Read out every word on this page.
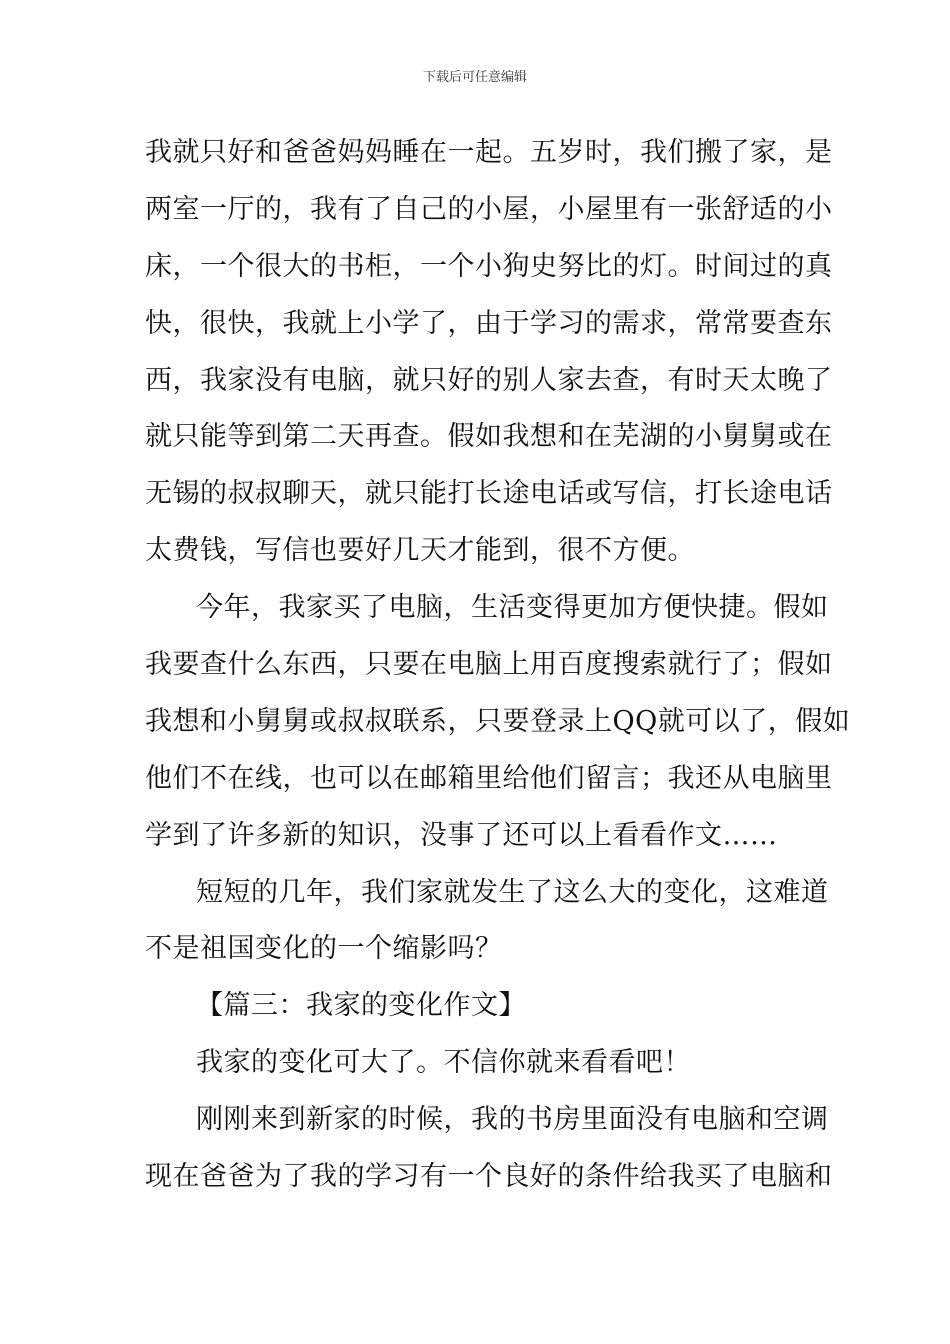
下载后可任意编辑
我就只好和爸爸妈妈睡在一起。五岁时，我们搬了家，是
两室一厅的，我有了自己的小屋，小屋里有一张舒适的小
床，一个很大的书柜，一个小狗史努比的灯。时间过的真
快，很快，我就上小学了，由于学习的需求，常常要查东
西，我家没有电脑，就只好的别人家去查，有时天太晚了
就只能等到第二天再查。假如我想和在芜湖的小舅舅或在
无锡的叔叔聊天，就只能打长途电话或写信，打长途电话
太费钱，写信也要好几天才能到，很不方便。
今年，我家买了电脑，生活变得更加方便快捷。假如
我要查什么东西，只要在电脑上用百度搜索就行了；假如
我想和小舅舅或叔叔联系，只要登录上QQ就可以了，假如
他们不在线，也可以在邮箱里给他们留言；我还从电脑里
学到了许多新的知识，没事了还可以上看看作文……
短短的几年，我们家就发生了这么大的变化，这难道
不是祖国变化的一个缩影吗？
【篇三：我家的变化作文】
我家的变化可大了。不信你就来看看吧！
刚刚来到新家的时候，我的书房里面没有电脑和空调
现在爸爸为了我的学习有一个良好的条件给我买了电脑和
